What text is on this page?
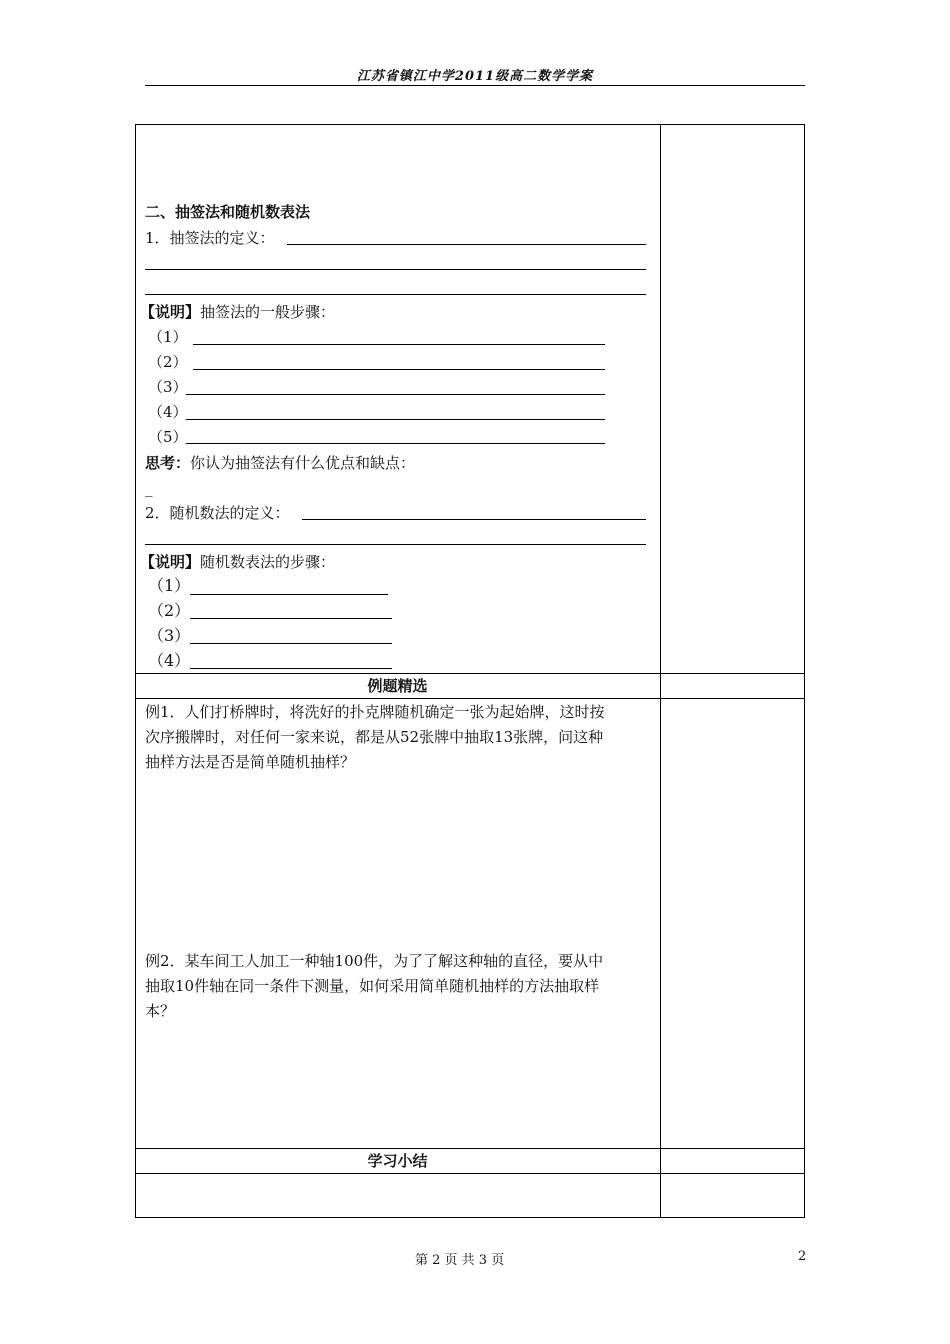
江苏省镇江中学2011级高二数学学案
二、抽签法和随机数表法
1．抽签法的定义：
【说明】抽签法的一般步骤：
（1）
（2）
（3）
（4）
（5）
思考：你认为抽签法有什么优点和缺点：
_
2．随机数法的定义：
【说明】随机数表法的步骤：
（1）
（2）
（3）
（4）
例题精选
例1．人们打桥牌时，将洗好的扑克牌随机确定一张为起始牌，这时按
次序搬牌时，对任何一家来说，都是从52张牌中抽取13张牌，问这种
抽样方法是否是简单随机抽样？
例2．某车间工人加工一种轴100件，为了了解这种轴的直径，要从中
抽取10件轴在同一条件下测量，如何采用简单随机抽样的方法抽取样
本？
学习小结
第 2 页 共 3 页	2
